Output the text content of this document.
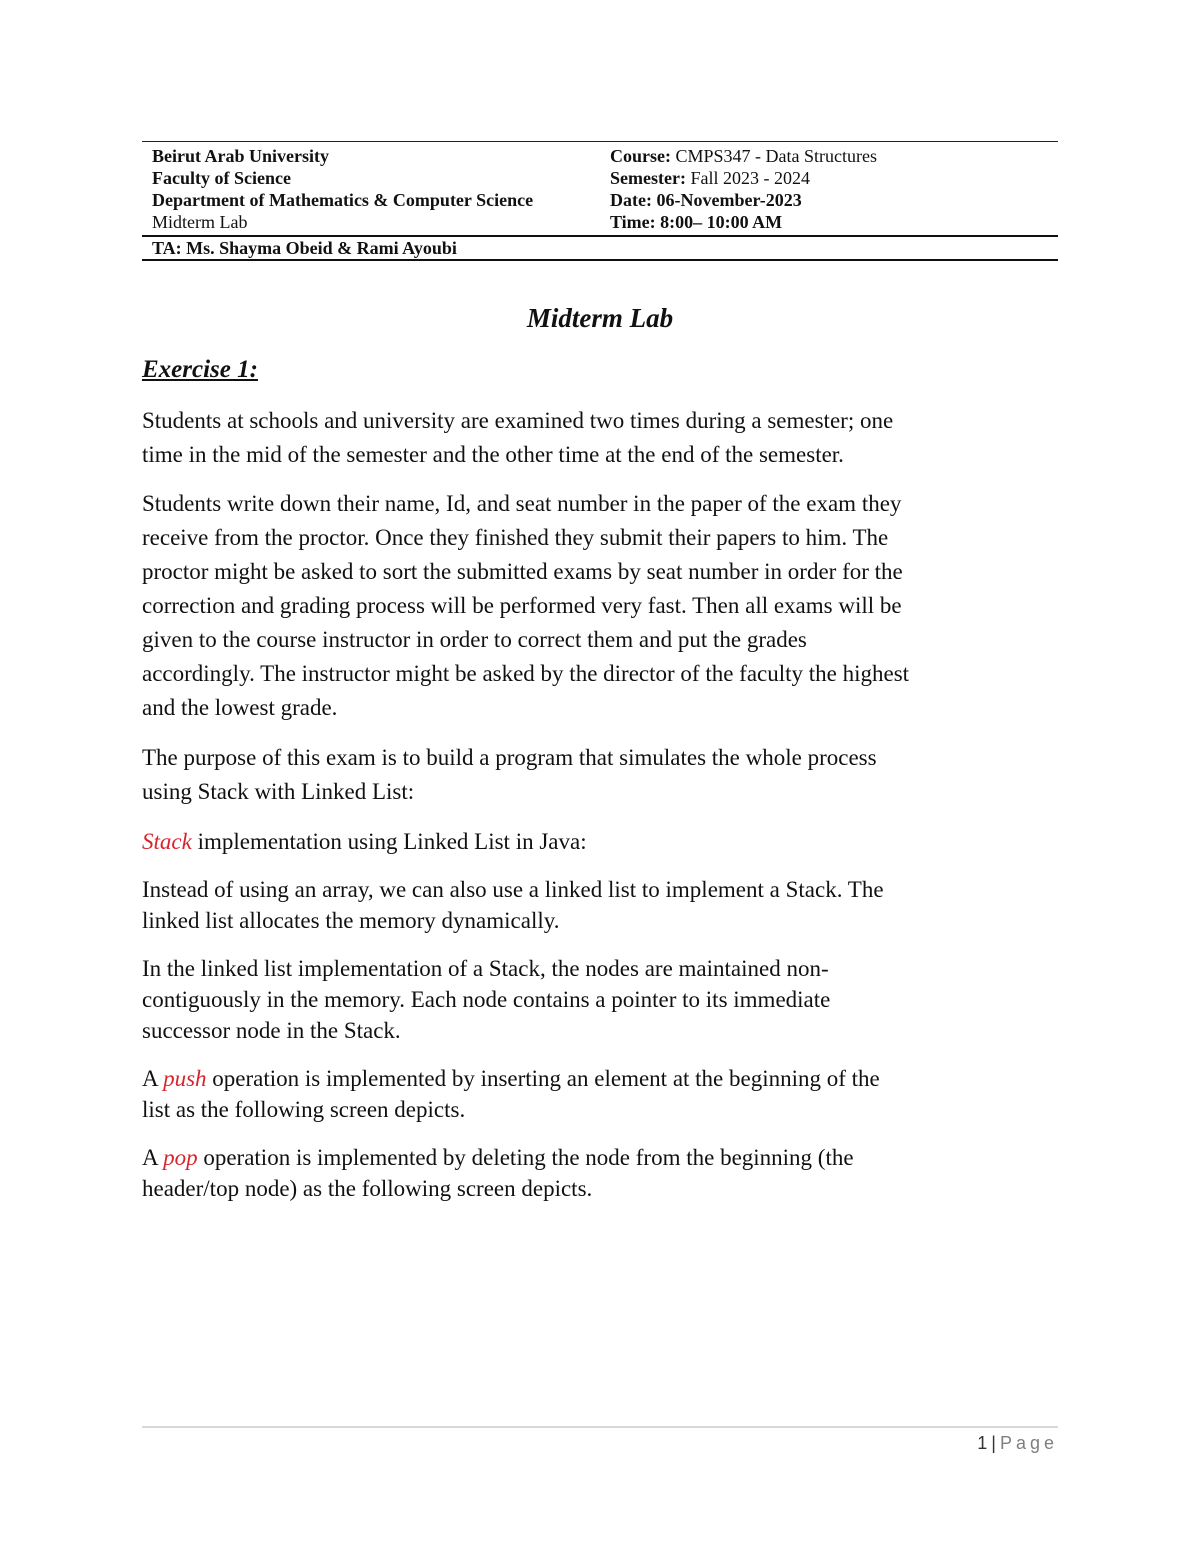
Beirut Arab University
Faculty of Science
Department of Mathematics & Computer Science
Midterm Lab
Course: CMPS347 - Data Structures
Semester: Fall 2023 - 2024
Date: 06-November-2023
Time: 8:00– 10:00 AM
TA: Ms. Shayma Obeid & Rami Ayoubi
Midterm Lab
Exercise 1:
Students at schools and university are examined two times during a semester; one
time in the mid of the semester and the other time at the end of the semester.
Students write down their name, Id, and seat number in the paper of the exam they
receive from the proctor. Once they finished they submit their papers to him. The
proctor might be asked to sort the submitted exams by seat number in order for the
correction and grading process will be performed very fast. Then all exams will be
given to the course instructor in order to correct them and put the grades
accordingly. The instructor might be asked by the director of the faculty the highest
and the lowest grade.
The purpose of this exam is to build a program that simulates the whole process
using Stack with Linked List:
Stack implementation using Linked List in Java:
Instead of using an array, we can also use a linked list to implement a Stack. The
linked list allocates the memory dynamically.
In the linked list implementation of a Stack, the nodes are maintained non-
contiguously in the memory. Each node contains a pointer to its immediate
successor node in the Stack.
A push operation is implemented by inserting an element at the beginning of the
list as the following screen depicts.
A pop operation is implemented by deleting the node from the beginning (the
header/top node) as the following screen depicts.
1 | Page
